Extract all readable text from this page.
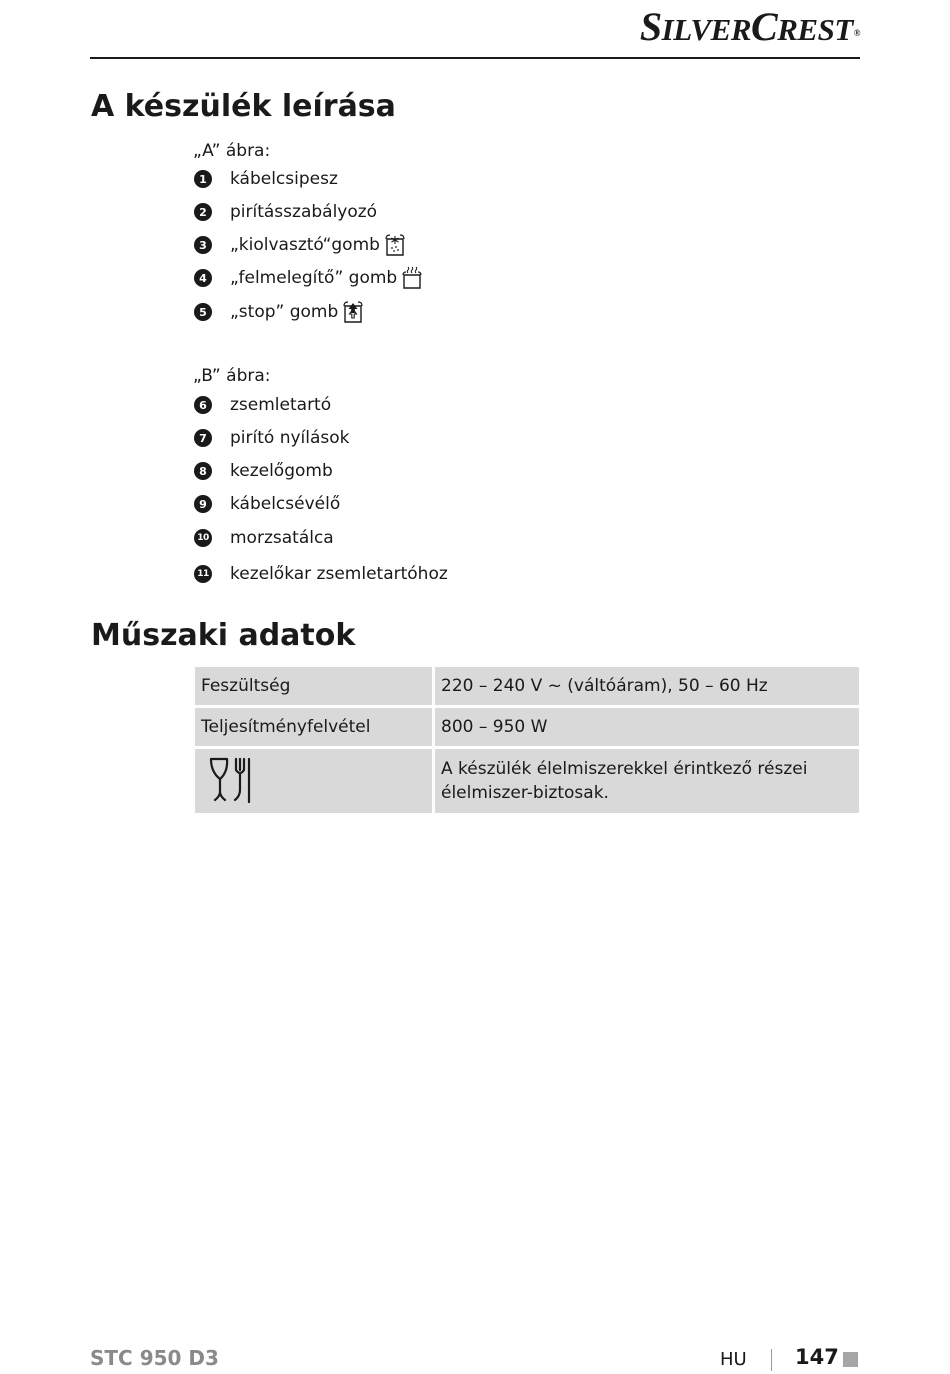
SILVERCREST®
A készülék leírása
„A” ábra:
1	kábelcsipesz
2	pirításszabályozó
3	„kiolvasztó“gomb
4	„felmelegítő” gomb
5	„stop” gomb
„B” ábra:
6	zsemletartó
7	pirító nyílások
8	kezelőgomb
9	kábelcsévélő
10 morzsatálca
11 kezelőkar zsemletartóhoz
Műszaki adatok
Feszültség	220 – 240 V ~ (váltóáram), 50 – 60 Hz
Teljesítményfelvétel	800 – 950 W

	A készülék élelmiszerekkel érintkező részei élelmiszer-biztosak.
STC 950 D3	HU 147
